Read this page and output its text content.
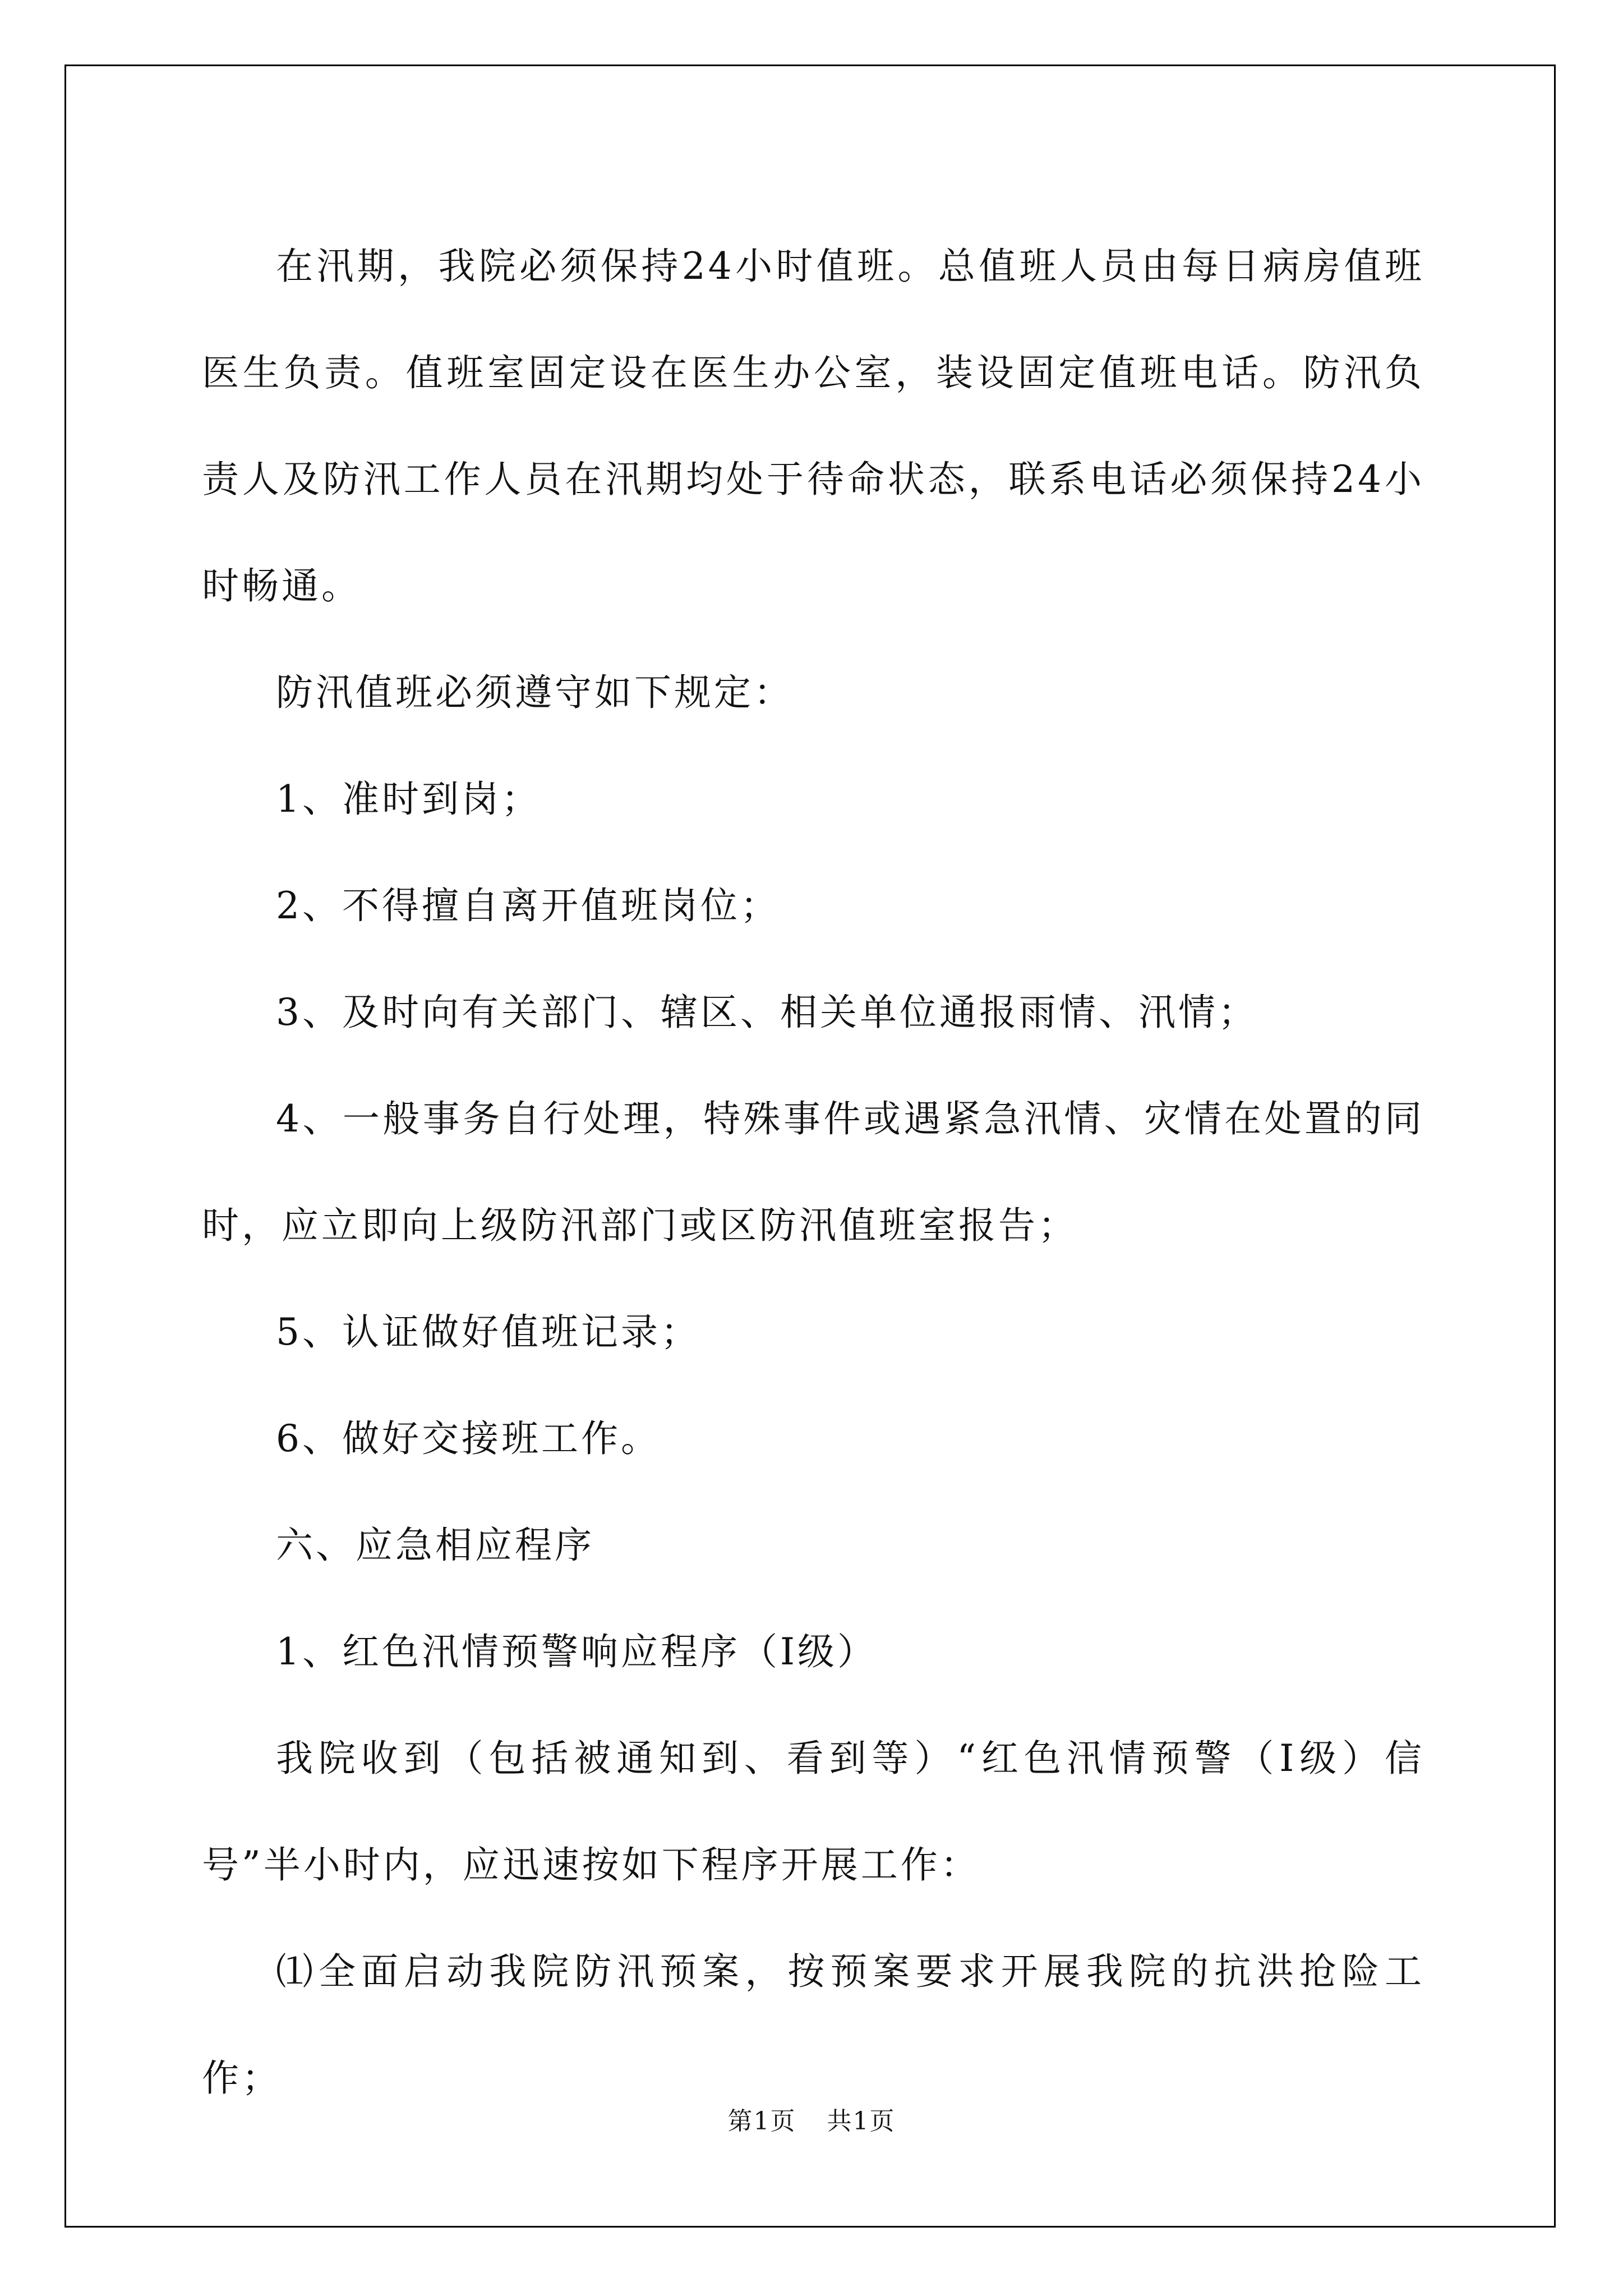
在汛期，我院必须保持24小时值班。总值班人员由每日病房值班医生负责。值班室固定设在医生办公室，装设固定值班电话。防汛负责人及防汛工作人员在汛期均处于待命状态，联系电话必须保持24小时畅通。

防汛值班必须遵守如下规定：

1、准时到岗；

2、不得擅自离开值班岗位；

3、及时向有关部门、辖区、相关单位通报雨情、汛情；

4、一般事务自行处理，特殊事件或遇紧急汛情、灾情在处置的同时，应立即向上级防汛部门或区防汛值班室报告；

5、认证做好值班记录；

6、做好交接班工作。

六、应急相应程序

1、红色汛情预警响应程序（Ⅰ级）

我院收到（包括被通知到、看到等）“红色汛情预警（Ⅰ级）信号”半小时内，应迅速按如下程序开展工作：

⑴全面启动我院防汛预案，按预案要求开展我院的抗洪抢险工作；

第1页 共1页
